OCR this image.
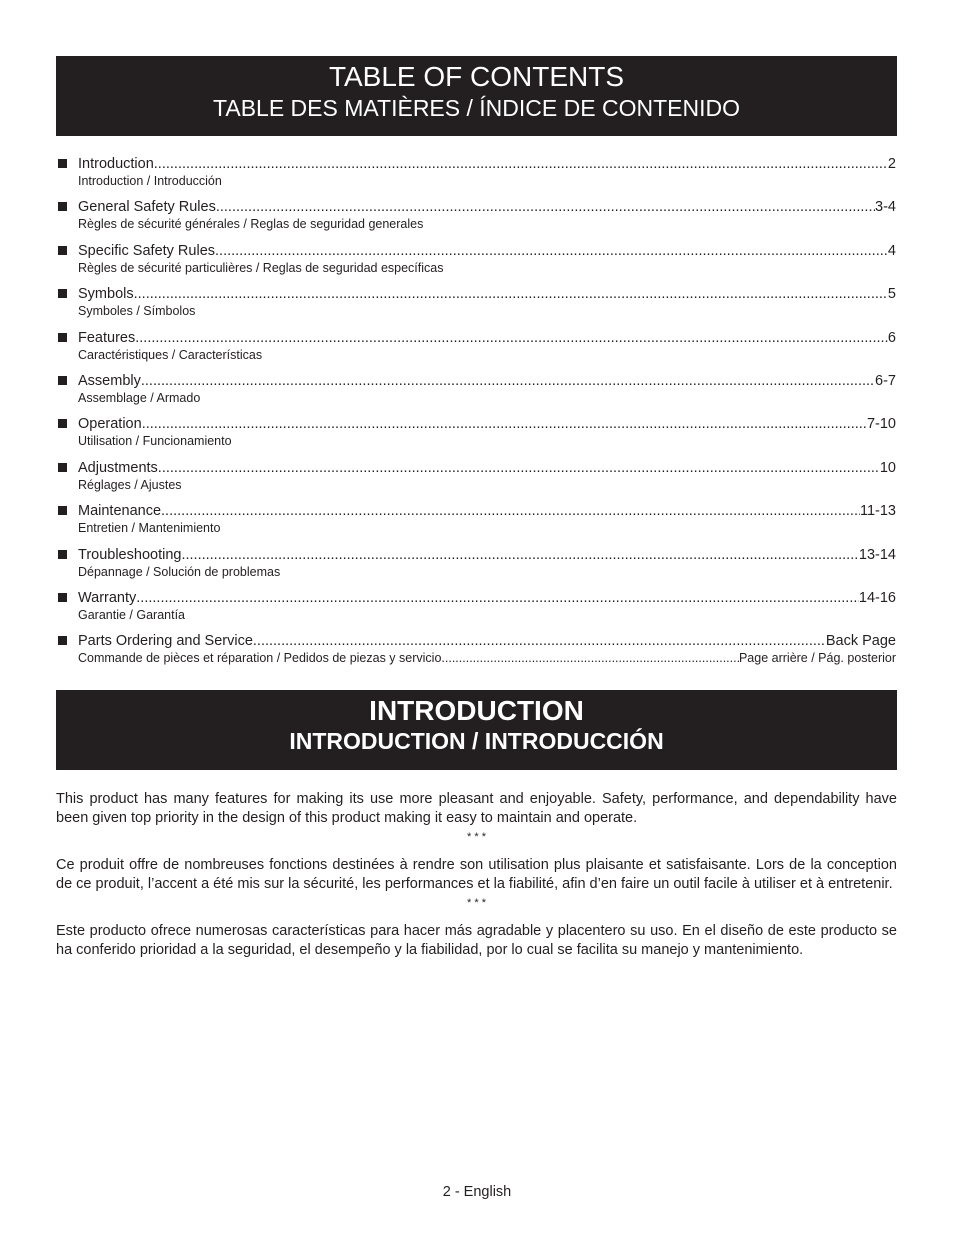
TABLE OF CONTENTS
TABLE DES MATIÈRES / ÍNDICE DE CONTENIDO
Introduction .....	2
Introduction / Introducción
General Safety Rules .....	3-4
Règles de sécurité générales / Reglas de seguridad generales
Specific Safety Rules .....	4
Règles de sécurité particulières / Reglas de seguridad específicas
Symbols .....	5
Symboles / Símbolos
Features .....	6
Caractéristiques / Características
Assembly .....	6-7
Assemblage / Armado
Operation .....	7-10
Utilisation / Funcionamiento
Adjustments .....	10
Réglages / Ajustes
Maintenance .....	11-13
Entretien / Mantenimiento
Troubleshooting .....	13-14
Dépannage / Solución de problemas
Warranty .....	14-16
Garantie / Garantía
Parts Ordering and Service .....	Back Page
Commande de pièces et réparation / Pedidos de piezas y servicio .....	Page arrière / Pág. posterior
INTRODUCTION
INTRODUCTION / INTRODUCCIÓN

This product has many features for making its use more pleasant and enjoyable. Safety, performance, and dependability have been given top priority in the design of this product making it easy to maintain and operate.

* * *

Ce produit offre de nombreuses fonctions destinées à rendre son utilisation plus plaisante et satisfaisante. Lors de la conception de ce produit, l’accent a été mis sur la sécurité, les performances et la fiabilité, afin d’en faire un outil facile à utiliser et à entretenir.

* * *

Este producto ofrece numerosas características para hacer más agradable y placentero su uso. En el diseño de este producto se ha conferido prioridad a la seguridad, el desempeño y la fiabilidad, por lo cual se facilita su manejo y mantenimiento.

2 - English
